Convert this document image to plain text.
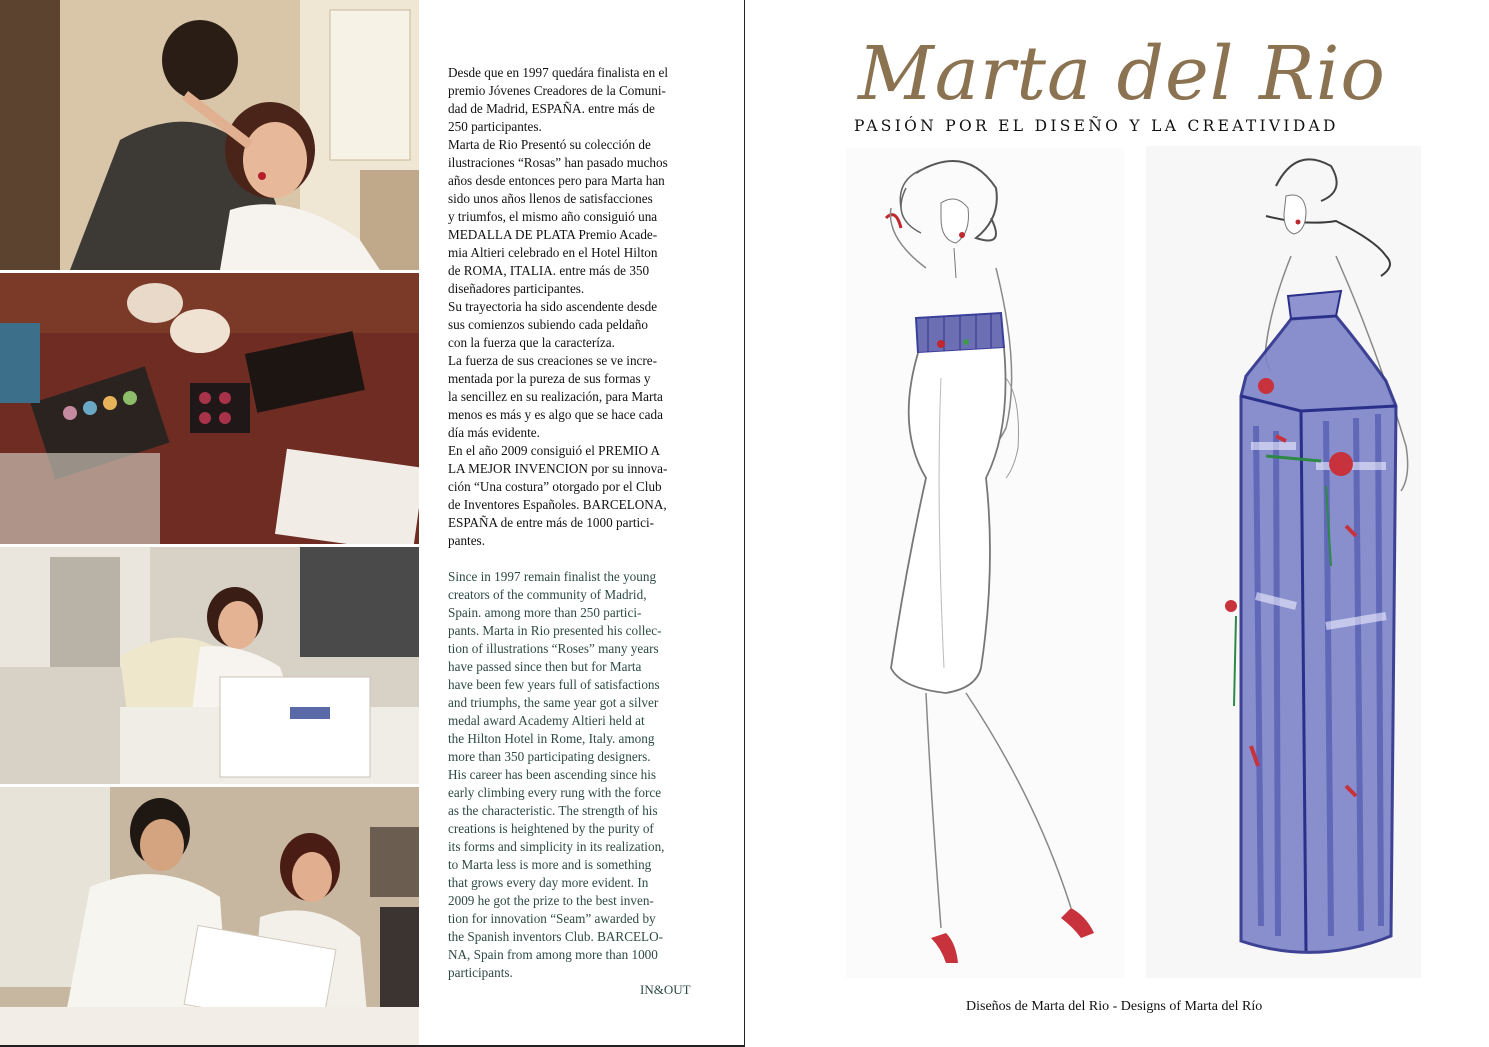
Desde que en 1997 quedára finalista en el
premio Jóvenes Creadores de la Comuni-
dad de Madrid, ESPAÑA. entre más de
250 participantes.
Marta de Rio Presentó su colección de
ilustraciones “Rosas” han pasado muchos
años desde entonces pero para Marta han
sido unos años llenos de satisfacciones
y triumfos, el mismo año consiguió una
MEDALLA DE PLATA Premio Acade-
mia Altieri celebrado en el Hotel Hilton
de ROMA, ITALIA. entre más de 350
diseñadores participantes.
Su trayectoria ha sido ascendente desde
sus comienzos subiendo cada peldaño
con la fuerza que la caracteríza.
La fuerza de sus creaciones se ve incre-
mentada por la pureza de sus formas y
la sencillez en su realización, para Marta
menos es más y es algo que se hace cada
día más evidente.
En el año 2009 consiguió el PREMIO A
LA MEJOR INVENCION por su innova-
ción “Una costura” otorgado por el Club
de Inventores Españoles. BARCELONA,
ESPAÑA de entre más de 1000 partici-
pantes.

Since in 1997 remain finalist the young
creators of the community of Madrid,
Spain. among more than 250 partici-
pants. Marta in Rio presented his collec-
tion of illustrations “Roses” many years
have passed since then but for Marta
have been few years full of satisfactions
and triumphs, the same year got a silver
medal award Academy Altieri held at
the Hilton Hotel in Rome, Italy. among
more than 350 participating designers.
His career has been ascending since his
early climbing every rung with the force
as the characteristic. The strength of his
creations is heightened by the purity of
its forms and simplicity in its realization,
to Marta less is more and is something
that grows every day more evident. In
2009 he got the prize to the best inven-
tion for innovation “Seam” awarded by
the Spanish inventors Club. BARCELO-
NA, Spain from among more than 1000
participants.

IN&OUT
Marta del Rio
PASIÓN POR EL DISEÑO Y LA CREATIVIDAD
Diseños de Marta del Rio - Designs of Marta del Río
